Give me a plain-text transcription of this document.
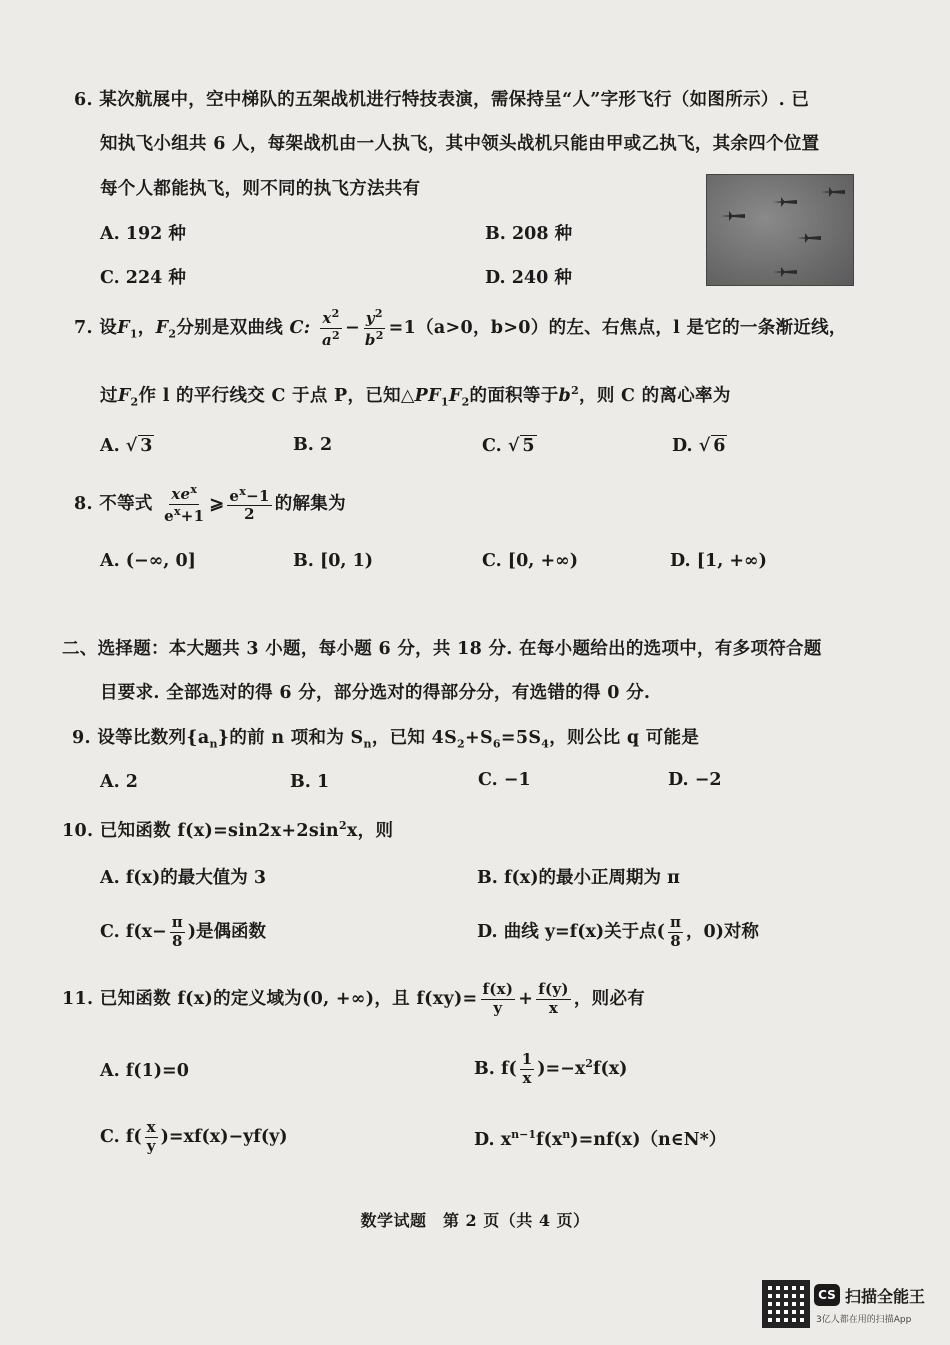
6. 某次航展中，空中梯队的五架战机进行特技表演，需保持呈“人”字形飞行（如图所示）. 已
知执飞小组共 6 人，每架战机由一人执飞，其中领头战机只能由甲或乙执飞，其余四个位置
每个人都能执飞，则不同的执飞方法共有
A. 192 种	B. 208 种
C. 224 种	D. 240 种
7. 设$F_1$，$F_2$分别是双曲线 C: $\frac{x^2}{a^2} - \frac{y^2}{b^2} =1(a>0$，b>0）的左、右焦点，l 是它的一条渐近线，
过$F_2$作 l 的平行线交 C 于点 P，已知$\triangle PF_1F_2$的面积等于$b^2$，则 C 的离心率为
A. √ 3	B. 2	C. √ 5	D. √ 6
8. 不等式 $\frac{xe^x}{e^x+1}$ ⩾ $\frac{e^x-1}{2}$ 的解集为
A. (−∞, 0]	B. [0, 1)	C. [0, +∞)	D. [1, +∞)
二、选择题：本大题共 3 小题，每小题 6 分，共 18 分. 在每小题给出的选项中，有多项符合题
目要求. 全部选对的得 6 分，部分选对的得部分分，有选错的得 0 分.
9. 设等比数列$\{a_n\}$的前 n 项和为 $S_n$，已知 $4S_2+S_6=5S_4$，则公比 q 可能是
A. 2	B. 1	C. −1	D. −2
10. 已知函数 $f(x)=\sin 2x+2\sin^2x$，则
A. f(x)的最大值为 3	B. f(x)的最小正周期为 π
C. $f(x- \frac{\pi}{8}$ )是偶函数	D. 曲线 y=f(x)关于点( $\frac{\pi}{8}$ ，0)对称
11. 已知函数 f(x)的定义域为(0, +∞)，且 $f(xy)= \frac{f(x)}{y} + \frac{f(y)}{x}$ ，则必有
A. f(1)=0	B. $f( \frac{1}{x} )=-x^2f(x)$
C. $f( \frac{x}{y} )=xf(x)-yf(y)$	D. $x^{n-1}f(x^n)=nf(x)(n\in N*)$
数学试题　第 2 页（共 4 页）
CS 扫描全能王
3亿人都在用的扫描App
